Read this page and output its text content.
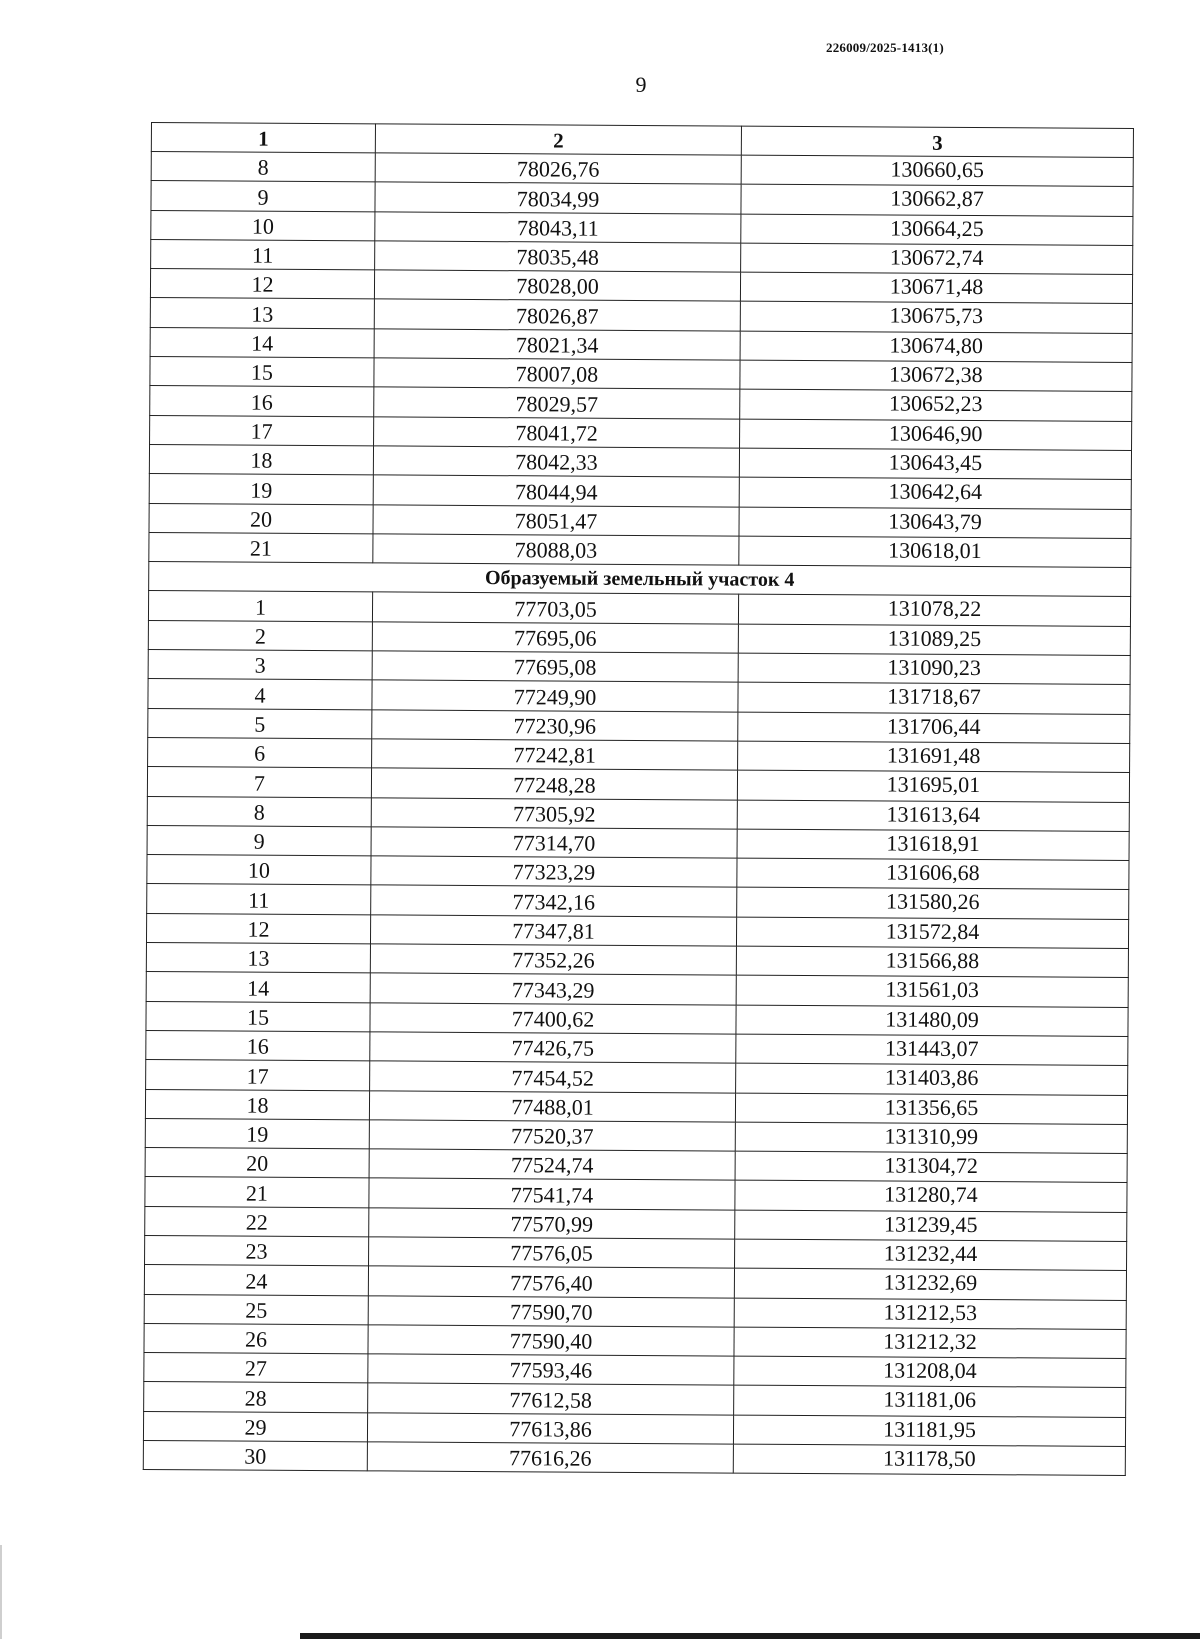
226009/2025-1413(1)
9
1	2	3
8	78026,76	130660,65
9	78034,99	130662,87
10	78043,11	130664,25
11	78035,48	130672,74
12	78028,00	130671,48
13	78026,87	130675,73
14	78021,34	130674,80
15	78007,08	130672,38
16	78029,57	130652,23
17	78041,72	130646,90
18	78042,33	130643,45
19	78044,94	130642,64
20	78051,47	130643,79
21	78088,03	130618,01
Образуемый земельный участок 4		
1	77703,05	131078,22
2	77695,06	131089,25
3	77695,08	131090,23
4	77249,90	131718,67
5	77230,96	131706,44
6	77242,81	131691,48
7	77248,28	131695,01
8	77305,92	131613,64
9	77314,70	131618,91
10	77323,29	131606,68
11	77342,16	131580,26
12	77347,81	131572,84
13	77352,26	131566,88
14	77343,29	131561,03
15	77400,62	131480,09
16	77426,75	131443,07
17	77454,52	131403,86
18	77488,01	131356,65
19	77520,37	131310,99
20	77524,74	131304,72
21	77541,74	131280,74
22	77570,99	131239,45
23	77576,05	131232,44
24	77576,40	131232,69
25	77590,70	131212,53
26	77590,40	131212,32
27	77593,46	131208,04
28	77612,58	131181,06
29	77613,86	131181,95
30	77616,26	131178,50
